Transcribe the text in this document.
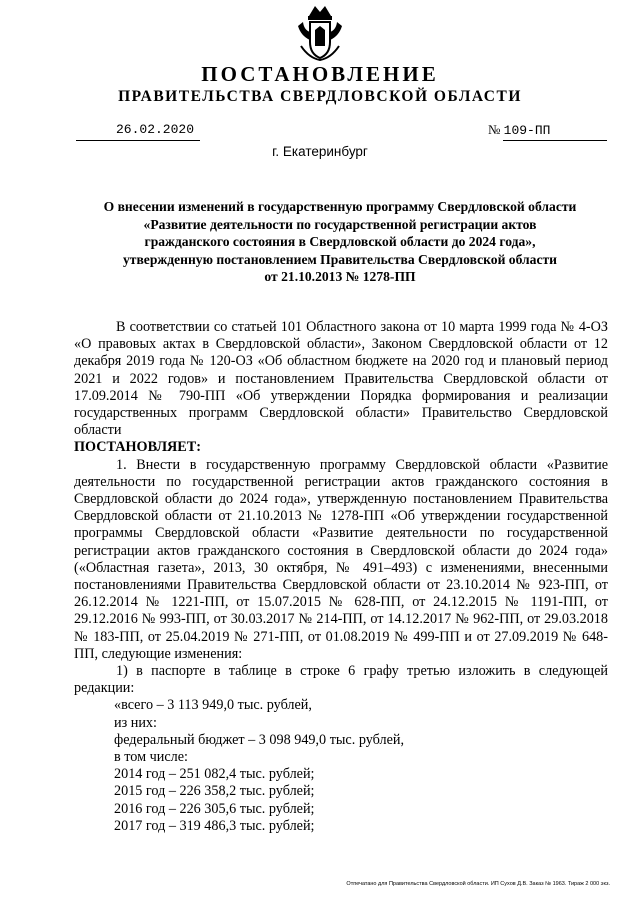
ПОСТАНОВЛЕНИЕ
ПРАВИТЕЛЬСТВА СВЕРДЛОВСКОЙ ОБЛАСТИ
26.02.2020	№ 109-ПП
г. Екатеринбург
О внесении изменений в государственную программу Свердловской области
«Развитие деятельности по государственной регистрации актов
гражданского состояния в Свердловской области до 2024 года»,
утвержденную постановлением Правительства Свердловской области
от 21.10.2013 № 1278-ПП

В соответствии со статьей 101 Областного закона от 10 марта 1999 года № 4-ОЗ «О правовых актах в Свердловской области», Законом Свердловской области от 12 декабря 2019 года № 120-ОЗ «Об областном бюджете на 2020 год и плановый период 2021 и 2022 годов» и постановлением Правительства Свердловской области от 17.09.2014 № 790-ПП «Об утверждении Порядка формирования и реализации государственных программ Свердловской области» Правительство Свердловской области

ПОСТАНОВЛЯЕТ:

1. Внести в государственную программу Свердловской области «Развитие деятельности по государственной регистрации актов гражданского состояния в Свердловской области до 2024 года», утвержденную постановлением Правительства Свердловской области от 21.10.2013 № 1278-ПП «Об утверждении государственной программы Свердловской области «Развитие деятельности по государственной регистрации актов гражданского состояния в Свердловской области до 2024 года» («Областная газета», 2013, 30 октября, № 491–493) с изменениями, внесенными постановлениями Правительства Свердловской области от 23.10.2014 № 923-ПП, от 26.12.2014 № 1221-ПП, от 15.07.2015 № 628-ПП, от 24.12.2015 № 1191-ПП, от 29.12.2016 № 993-ПП, от 30.03.2017 № 214-ПП, от 14.12.2017 № 962-ПП, от 29.03.2018 № 183-ПП, от 25.04.2019 № 271-ПП, от 01.08.2019 № 499-ПП и от 27.09.2019 № 648-ПП, следующие изменения:

1) в паспорте в таблице в строке 6 графу третью изложить в следующей редакции:

«всего – 3 113 949,0 тыс. рублей,
из них:
федеральный бюджет – 3 098 949,0 тыс. рублей,
в том числе:
2014 год – 251 082,4 тыс. рублей;
2015 год – 226 358,2 тыс. рублей;
2016 год – 226 305,6 тыс. рублей;
2017 год – 319 486,3 тыс. рублей;
Отпечатано для Правительства Свердловской области. ИП Сухов Д.В. Заказ № 1963. Тираж 2 000 экз.
